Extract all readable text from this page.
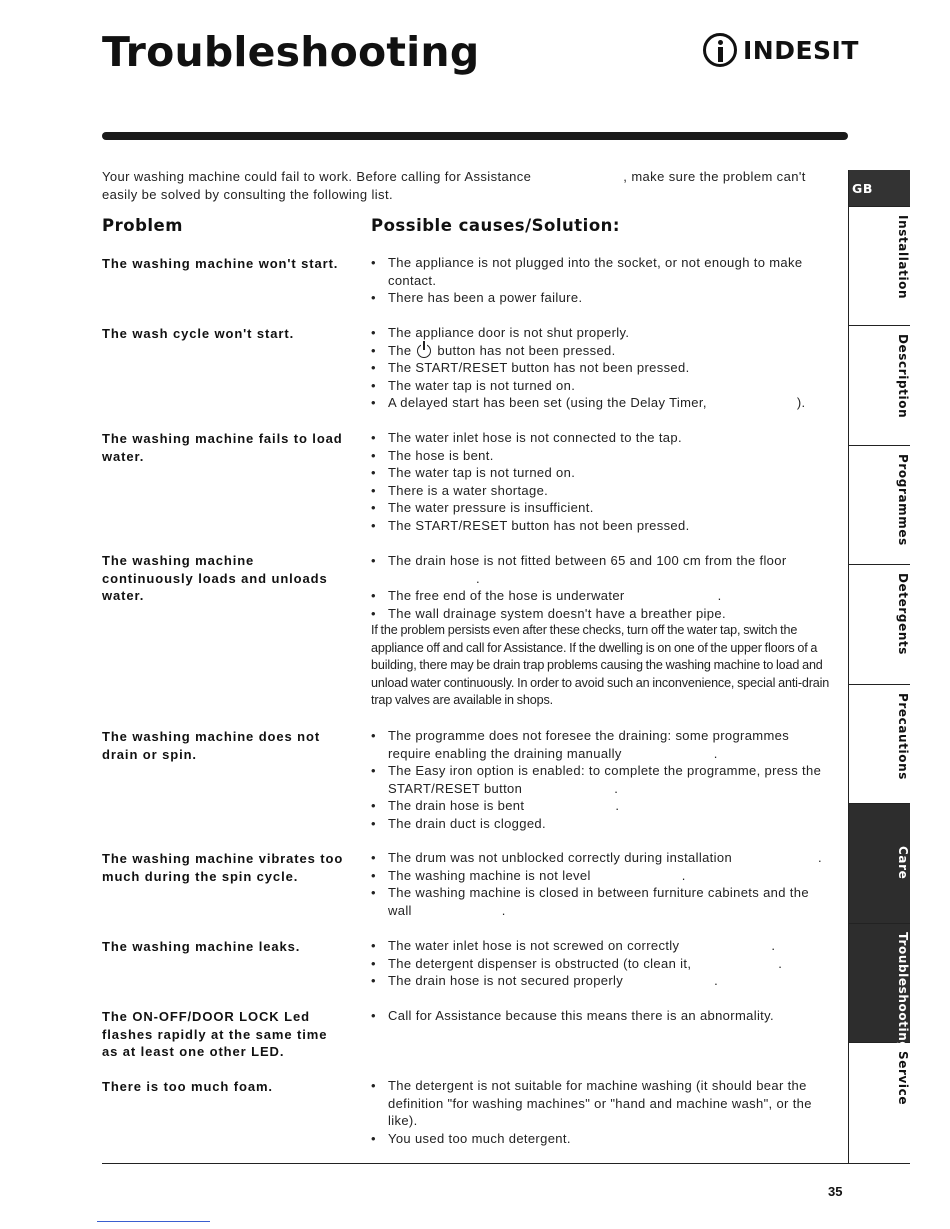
Troubleshooting	INDESIT
Your washing machine could fail to work. Before calling for Assistance	, make sure the problem can't easily be solved by consulting the following list.
Problem	Possible causes/Solution:
The washing machine won't start.	• The appliance is not plugged into the socket, or not enough to make contact.
• There has been a power failure.
The wash cycle won't start.	• The appliance door is not shut properly.
• The button has not been pressed.
• The START/RESET button has not been pressed.
• The water tap is not turned on.
• A delayed start has been set (using the Delay Timer,	).
The washing machine fails to load water.
• The water inlet hose is not connected to the tap.
• The hose is bent.
• The water tap is not turned on.
• There is a water shortage.
• The water pressure is insufficient.
• The START/RESET button has not been pressed.
The washing machine continuously loads and unloads water.
• The drain hose is not fitted between 65 and 100 cm from the floor
.
• The free end of the hose is underwater	.
• The wall drainage system doesn't have a breather pipe.
If the problem persists even after these checks, turn off the water tap, switch the appliance off and call for Assistance. If the dwelling is on one of the upper floors of a building, there may be drain trap problems causing the washing machine to load and unload water continuously. In order to avoid such an inconvenience, special anti-drain trap valves are available in shops.
The washing machine does not drain or spin.
• The programme does not foresee the draining: some programmes require enabling the draining manually	.
• The Easy iron option is enabled: to complete the programme, press the START/RESET button	.
• The drain hose is bent	.
• The drain duct is clogged.
The washing machine vibrates too much during the spin cycle.
• The drum was not unblocked correctly during installation	.
• The washing machine is not level	.
• The washing machine is closed in between furniture cabinets and the wall	.
The washing machine leaks.	• The water inlet hose is not screwed on correctly	.
• The detergent dispenser is obstructed (to clean it,	.
• The drain hose is not secured properly	.
The ON-OFF/DOOR LOCK Led flashes rapidly at the same time as at least one other LED.
• Call for Assistance because this means there is an abnormality.
There is too much foam.	• The detergent is not suitable for machine washing (it should bear the definition "for washing machines" or "hand and machine wash", or the like).
• You used too much detergent.
GB
Installation
Description
Programmes
Detergents
Precautions
Care
Troubleshooting
Service
35
